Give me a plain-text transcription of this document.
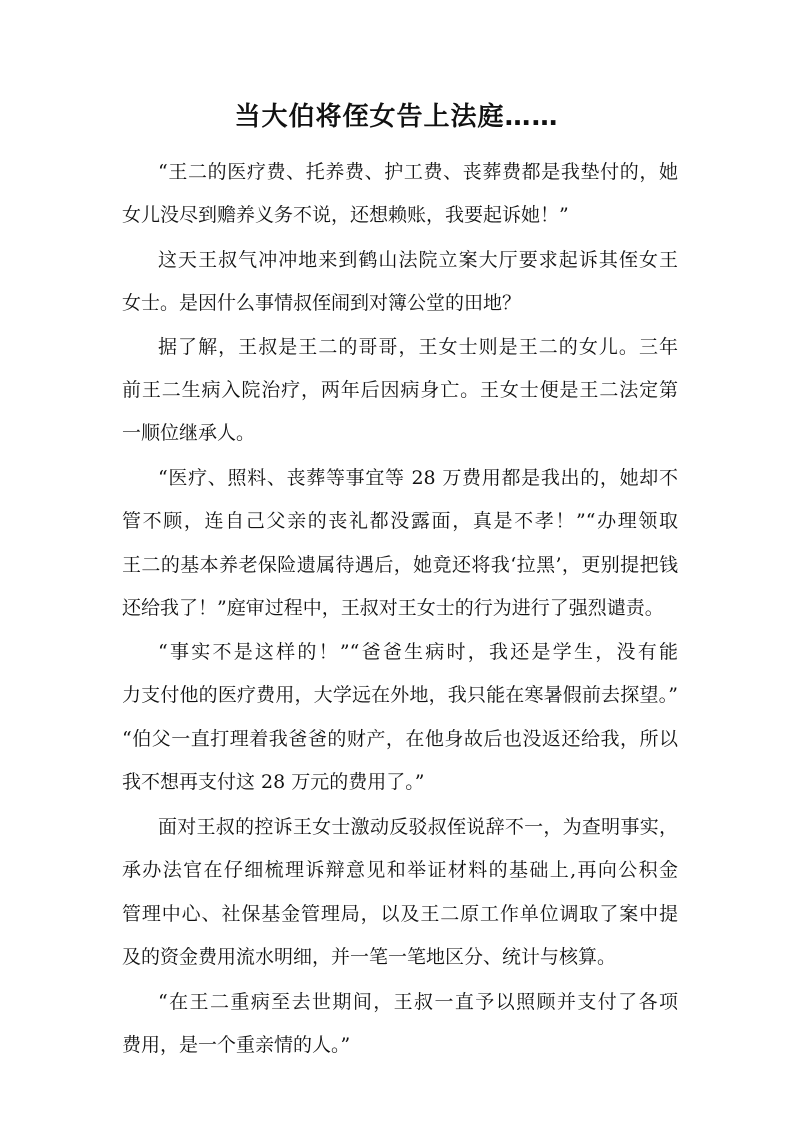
当大伯将侄女告上法庭……
“王二的医疗费、托养费、护工费、丧葬费都是我垫付的，她
女儿没尽到赡养义务不说，还想赖账，我要起诉她！”
这天王叔气冲冲地来到鹤山法院立案大厅要求起诉其侄女王
女士。是因什么事情叔侄闹到对簿公堂的田地？
据了解，王叔是王二的哥哥，王女士则是王二的女儿。三年
前王二生病入院治疗，两年后因病身亡。王女士便是王二法定第
一顺位继承人。
“医疗、照料、丧葬等事宜等 28 万费用都是我出的，她却不
管不顾，连自己父亲的丧礼都没露面，真是不孝！”“办理领取
王二的基本养老保险遗属待遇后，她竟还将我‘拉黑’，更别提把钱
还给我了！”庭审过程中，王叔对王女士的行为进行了强烈谴责。
“事实不是这样的！”“爸爸生病时，我还是学生，没有能
力支付他的医疗费用，大学远在外地，我只能在寒暑假前去探望。”
“伯父一直打理着我爸爸的财产，在他身故后也没返还给我，所以
我不想再支付这 28 万元的费用了。”
面对王叔的控诉王女士激动反驳叔侄说辞不一，为查明事实，
承办法官在仔细梳理诉辩意见和举证材料的基础上,再向公积金
管理中心、社保基金管理局，以及王二原工作单位调取了案中提
及的资金费用流水明细，并一笔一笔地区分、统计与核算。
“在王二重病至去世期间，王叔一直予以照顾并支付了各项
费用，是一个重亲情的人。”
